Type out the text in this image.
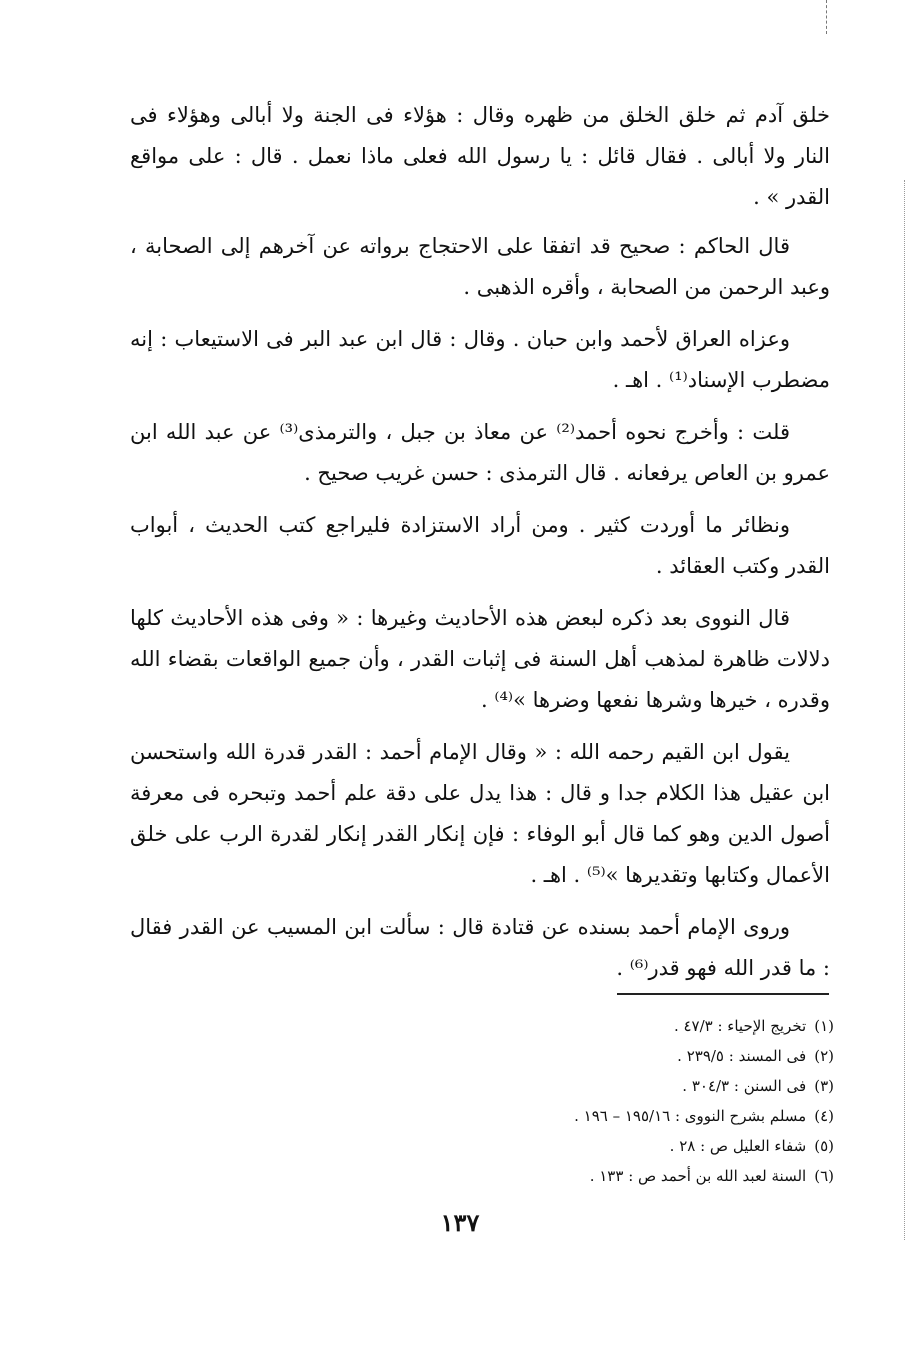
خلق آدم ثم خلق الخلق من ظهره وقال : هؤلاء فى الجنة ولا أبالى وهؤلاء فى النار ولا أبالى . فقال قائل : يا رسول الله فعلى ماذا نعمل . قال : على مواقع القدر » .

قال الحاكم : صحيح قد اتفقا على الاحتجاج برواته عن آخرهم إلى الصحابة ، وعبد الرحمن من الصحابة ، وأقره الذهبى .

وعزاه العراق لأحمد وابن حبان . وقال : قال ابن عبد البر فى الاستيعاب : إنه مضطرب الإسناد⁽¹⁾ . اهـ .

قلت : وأخرج نحوه أحمد⁽²⁾ عن معاذ بن جبل ، والترمذى⁽³⁾ عن عبد الله ابن عمرو بن العاص يرفعانه . قال الترمذى : حسن غريب صحيح .

ونظائر ما أوردت كثير . ومن أراد الاستزادة فليراجع كتب الحديث ، أبواب القدر وكتب العقائد .

قال النووى بعد ذكره لبعض هذه الأحاديث وغيرها : « وفى هذه الأحاديث كلها دلالات ظاهرة لمذهب أهل السنة فى إثبات القدر ، وأن جميع الواقعات بقضاء الله وقدره ، خيرها وشرها نفعها وضرها »⁽⁴⁾ .

يقول ابن القيم رحمه الله : « وقال الإمام أحمد : القدر قدرة الله واستحسن ابن عقيل هذا الكلام جدا و قال : هذا يدل على دقة علم أحمد وتبحره فى معرفة أصول الدين وهو كما قال أبو الوفاء : فإن إنكار القدر إنكار لقدرة الرب على خلق الأعمال وكتابها وتقديرها »⁽⁵⁾ . اهـ .

وروى الإمام أحمد بسنده عن قتادة قال : سألت ابن المسيب عن القدر فقال : ما قدر الله فهو قدر⁽⁶⁾ .

(١)تخريج الإحياء : ٤٧/٣ .
(٢)فى المسند : ٢٣٩/٥ .
(٣)فى السنن : ٣٠٤/٣ .
(٤)مسلم بشرح النووى : ١٩٥/١٦ – ١٩٦ .
(٥)شفاء العليل ص : ٢٨ .
(٦)السنة لعبد الله بن أحمد ص : ١٣٣ .
١٣٧
